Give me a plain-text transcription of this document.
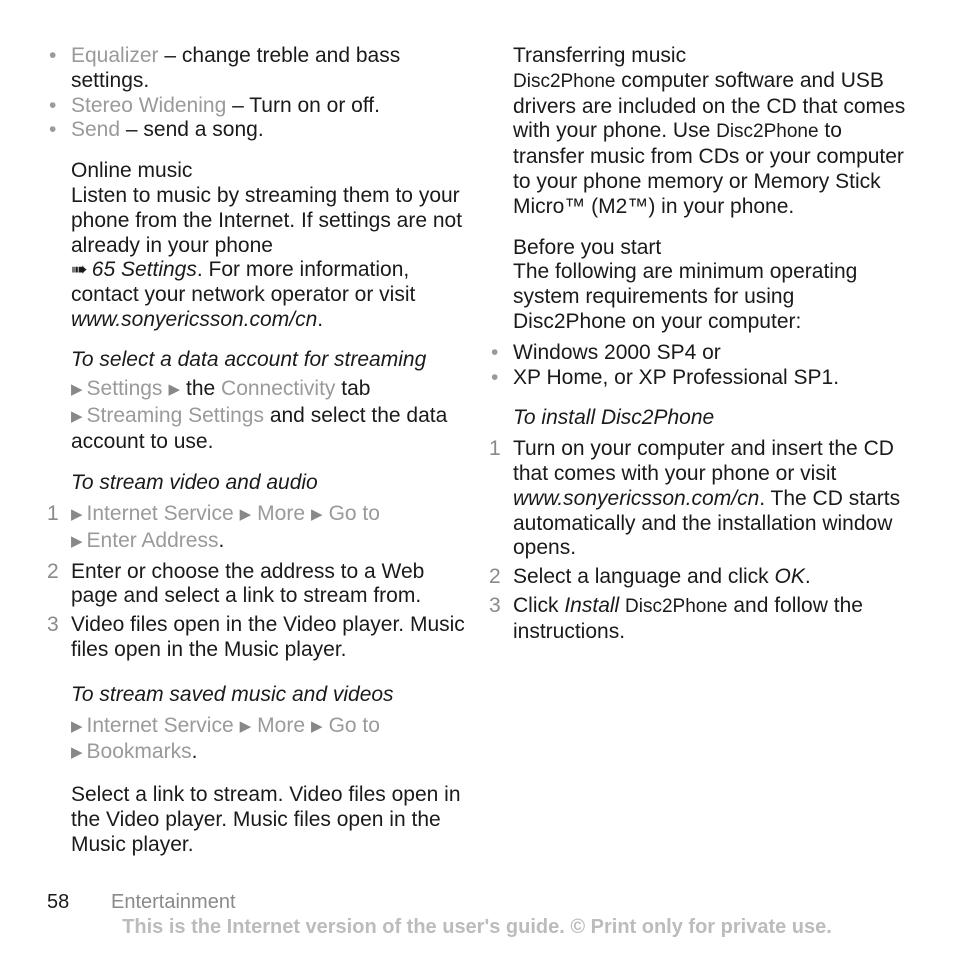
• Equalizer – change treble and bass settings.
• Stereo Widening – Turn on or off.
• Send – send a song.
Online music

Listen to music by streaming them to your phone from the Internet. If settings are not already in your phone
➠ 65 Settings. For more information, contact your network operator or visit www.sonyericsson.com/cn.

To select a data account for streaming

▶ Settings ▶ the Connectivity tab
▶ Streaming Settings and select the data account to use.

To stream video and audio
1 ▶ Internet Service ▶ More ▶ Go to
▶ Enter Address.
2 Enter or choose the address to a Web page and select a link to stream from.
3 Video files open in the Video player. Music files open in the Music player.
To stream saved music and videos

▶ Internet Service ▶ More ▶ Go to
▶ Bookmarks.

Select a link to stream. Video files open in the Video player. Music files open in the Music player.

Transferring music

Disc2Phone computer software and USB drivers are included on the CD that comes with your phone. Use Disc2Phone to transfer music from CDs or your computer to your phone memory or Memory Stick Micro™ (M2™) in your phone.

Before you start

The following are minimum operating system requirements for using Disc2Phone on your computer:

• Windows 2000 SP4 or
• XP Home, or XP Professional SP1.
To install Disc2Phone
1 Turn on your computer and insert the CD that comes with your phone or visit www.sonyericsson.com/cn. The CD starts automatically and the installation window opens.
2 Select a language and click OK.
3 Click Install Disc2Phone and follow the instructions.
58 Entertainment
This is the Internet version of the user's guide. © Print only for private use.
